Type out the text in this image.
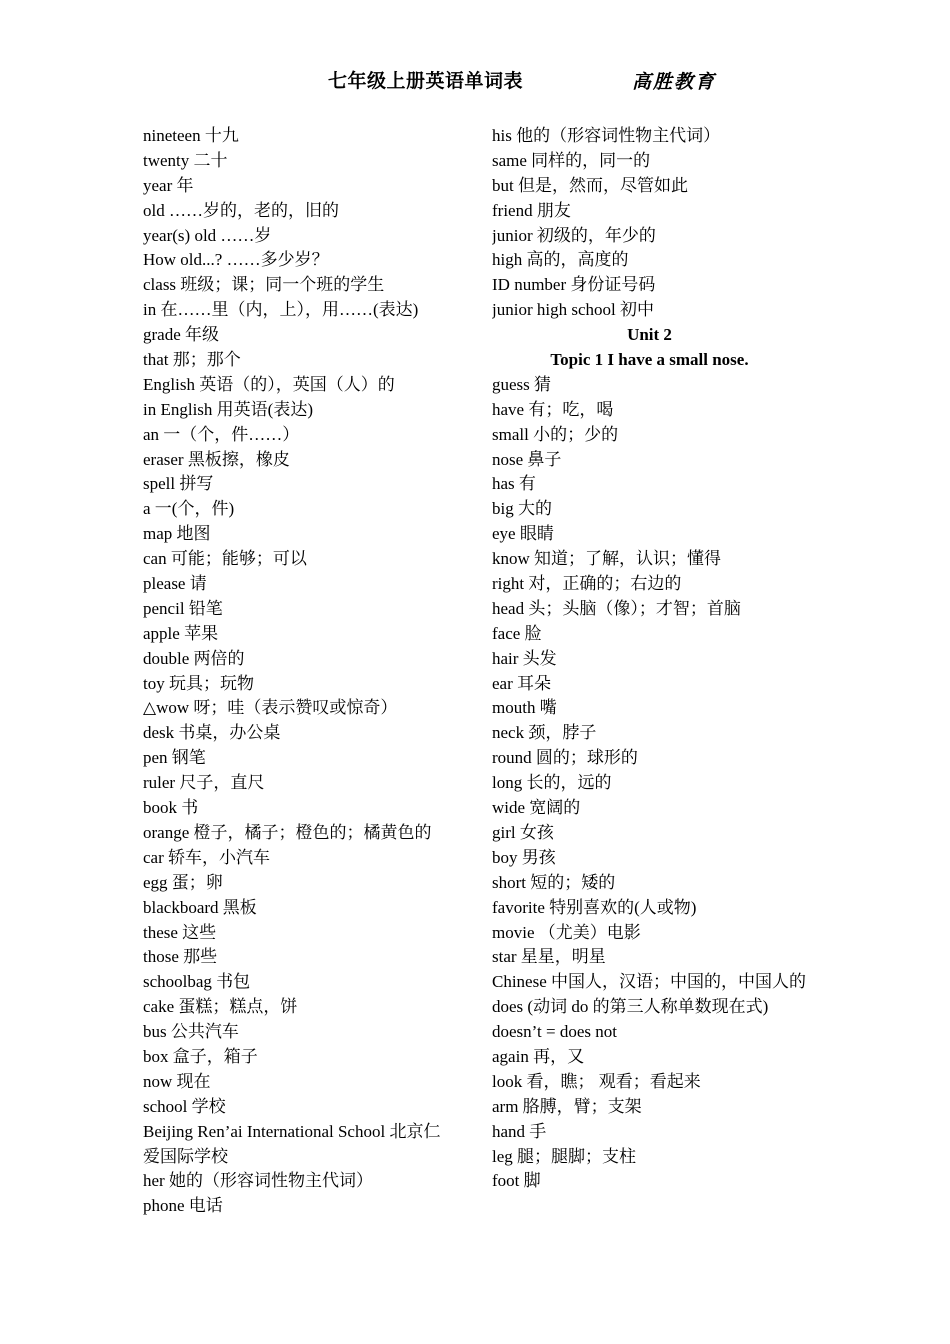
七年级上册英语单词表	高胜教育
nineteen 十九
twenty 二十
year 年
old ……岁的，老的，旧的
year(s) old ……岁
How old...? ……多少岁？
class 班级；课；同一个班的学生
in 在……里（内，上），用……(表达)
grade 年级
that 那；那个
English 英语（的），英国（人）的
in English 用英语(表达)
an 一（个，件……）
eraser 黑板擦，橡皮
spell 拼写
a 一(个，件)
map 地图
can 可能；能够；可以
please 请
pencil 铅笔
apple 苹果
double 两倍的
toy 玩具；玩物
△wow 呀；哇（表示赞叹或惊奇）
desk 书桌，办公桌
pen 钢笔
ruler 尺子，直尺
book 书
orange 橙子，橘子；橙色的；橘黄色的
car 轿车，小汽车
egg 蛋；卵
blackboard 黑板
these 这些
those 那些
schoolbag 书包
cake 蛋糕；糕点，饼
bus 公共汽车
box 盒子，箱子
now 现在
school 学校
Beijing Ren’ai International School 北京仁爱国际学校
her 她的（形容词性物主代词）
phone 电话
his 他的（形容词性物主代词）
same 同样的，同一的
but 但是，然而，尽管如此
friend 朋友
junior 初级的，年少的
high 高的，高度的
ID number 身份证号码
junior high school 初中
Unit 2
Topic 1 I have a small nose.
guess 猜
have 有；吃，喝
small 小的；少的
nose 鼻子
has 有
big 大的
eye 眼睛
know 知道；了解，认识；懂得
right 对，正确的；右边的
head 头；头脑（像）；才智；首脑
face 脸
hair 头发
ear 耳朵
mouth 嘴
neck 颈，脖子
round 圆的；球形的
long 长的，远的
wide 宽阔的
girl 女孩
boy 男孩
short 短的；矮的
favorite 特别喜欢的(人或物)
movie （尤美）电影
star 星星，明星
Chinese 中国人，汉语；中国的，中国人的
does (动词 do 的第三人称单数现在式)
doesn’t = does not
again 再，又
look 看，瞧； 观看；看起来
arm 胳膊，臂；支架
hand 手
leg 腿；腿脚；支柱
foot 脚
